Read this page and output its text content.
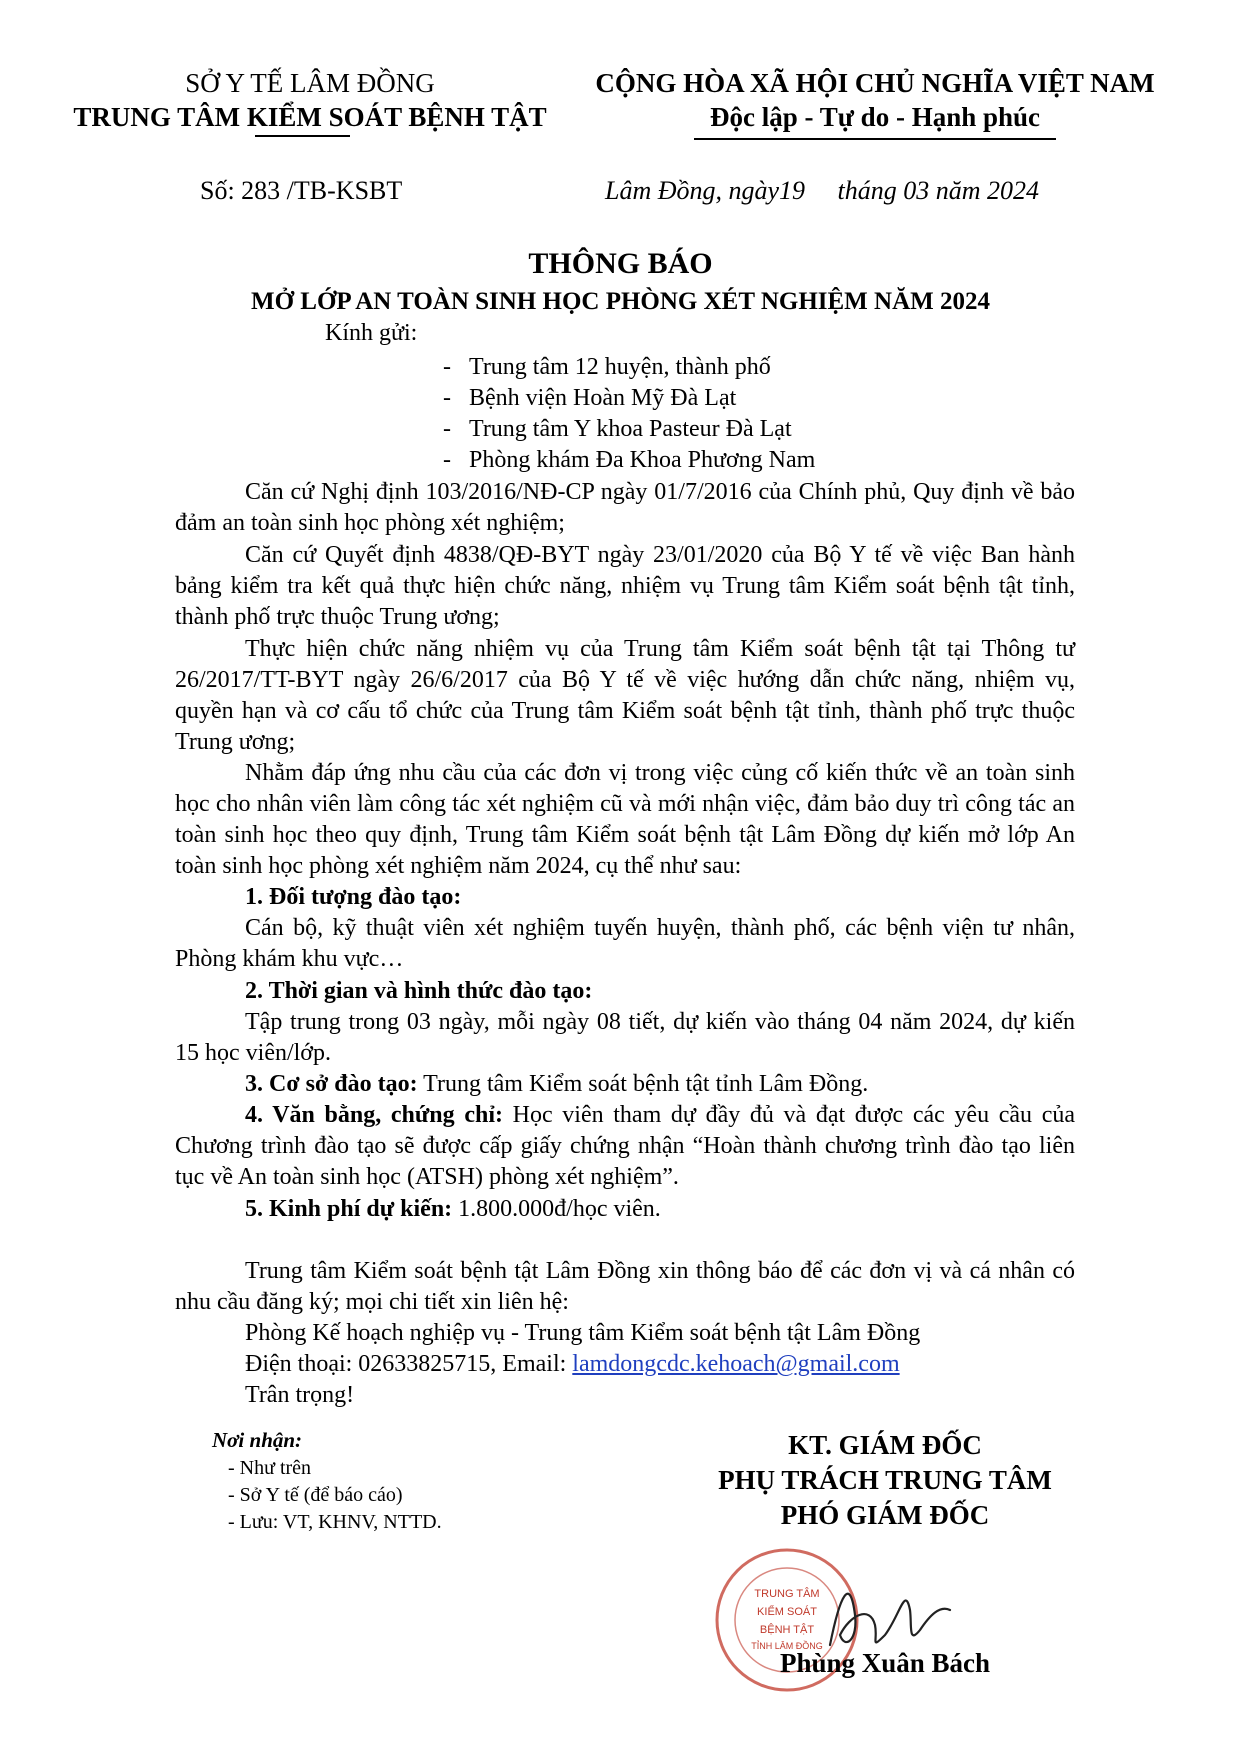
SỞ Y TẾ LÂM ĐỒNG
TRUNG TÂM KIỂM SOÁT BỆNH TẬT
CỘNG HÒA XÃ HỘI CHỦ NGHĨA VIỆT NAM
Độc lập - Tự do - Hạnh phúc
Số: 283 /TB-KSBT	Lâm Đồng, ngày19     tháng 03 năm 2024
THÔNG BÁO
MỞ LỚP AN TOÀN SINH HỌC PHÒNG XÉT NGHIỆM NĂM 2024
Kính gửi:
-   Trung tâm 12 huyện, thành phố
-   Bệnh viện Hoàn Mỹ Đà Lạt
-   Trung tâm Y khoa Pasteur Đà Lạt
-   Phòng khám Đa Khoa Phương Nam

Căn cứ Nghị định 103/2016/NĐ-CP ngày 01/7/2016 của Chính phủ, Quy định về bảo đảm an toàn sinh học phòng xét nghiệm;

Căn cứ Quyết định 4838/QĐ-BYT ngày 23/01/2020 của Bộ Y tế về việc Ban hành bảng kiểm tra kết quả thực hiện chức năng, nhiệm vụ Trung tâm Kiểm soát bệnh tật tỉnh, thành phố trực thuộc Trung ương;

Thực hiện chức năng nhiệm vụ của Trung tâm Kiểm soát bệnh tật tại Thông tư 26/2017/TT-BYT ngày 26/6/2017 của Bộ Y tế về việc hướng dẫn chức năng, nhiệm vụ, quyền hạn và cơ cấu tổ chức của Trung tâm Kiểm soát bệnh tật tỉnh, thành phố trực thuộc Trung ương;

Nhằm đáp ứng nhu cầu của các đơn vị trong việc củng cố kiến thức về an toàn sinh học cho nhân viên làm công tác xét nghiệm cũ và mới nhận việc, đảm bảo duy trì công tác an toàn sinh học theo quy định, Trung tâm Kiểm soát bệnh tật Lâm Đồng dự kiến mở lớp An toàn sinh học phòng xét nghiệm năm 2024, cụ thể như sau:

1. Đối tượng đào tạo:

Cán bộ, kỹ thuật viên xét nghiệm tuyến huyện, thành phố, các bệnh viện tư nhân, Phòng khám khu vực…

2. Thời gian và hình thức đào tạo:

Tập trung trong 03 ngày, mỗi ngày 08 tiết, dự kiến vào tháng 04 năm 2024, dự kiến 15 học viên/lớp.

3. Cơ sở đào tạo: Trung tâm Kiểm soát bệnh tật tỉnh Lâm Đồng.

4. Văn bằng, chứng chỉ: Học viên tham dự đầy đủ và đạt được các yêu cầu của Chương trình đào tạo sẽ được cấp giấy chứng nhận “Hoàn thành chương trình đào tạo liên tục về An toàn sinh học (ATSH) phòng xét nghiệm”.

5. Kinh phí dự kiến: 1.800.000đ/học viên.

Trung tâm Kiểm soát bệnh tật Lâm Đồng xin thông báo để các đơn vị và cá nhân có nhu cầu đăng ký; mọi chi tiết xin liên hệ:

Phòng Kế hoạch nghiệp vụ - Trung tâm Kiểm soát bệnh tật Lâm Đồng
Điện thoại: 02633825715, Email: lamdongcdc.kehoach@gmail.com
Trân trọng!
Nơi nhận:
- Như trên
- Sở Y tế (để báo cáo)
- Lưu: VT, KHNV, NTTD.
KT. GIÁM ĐỐC
PHỤ TRÁCH TRUNG TÂM
PHÓ GIÁM ĐỐC
TRUNG TÂM
KIỂM SOÁT
BỆNH TẬT
TỈNH LÂM ĐỒNG
Phùng Xuân Bách
